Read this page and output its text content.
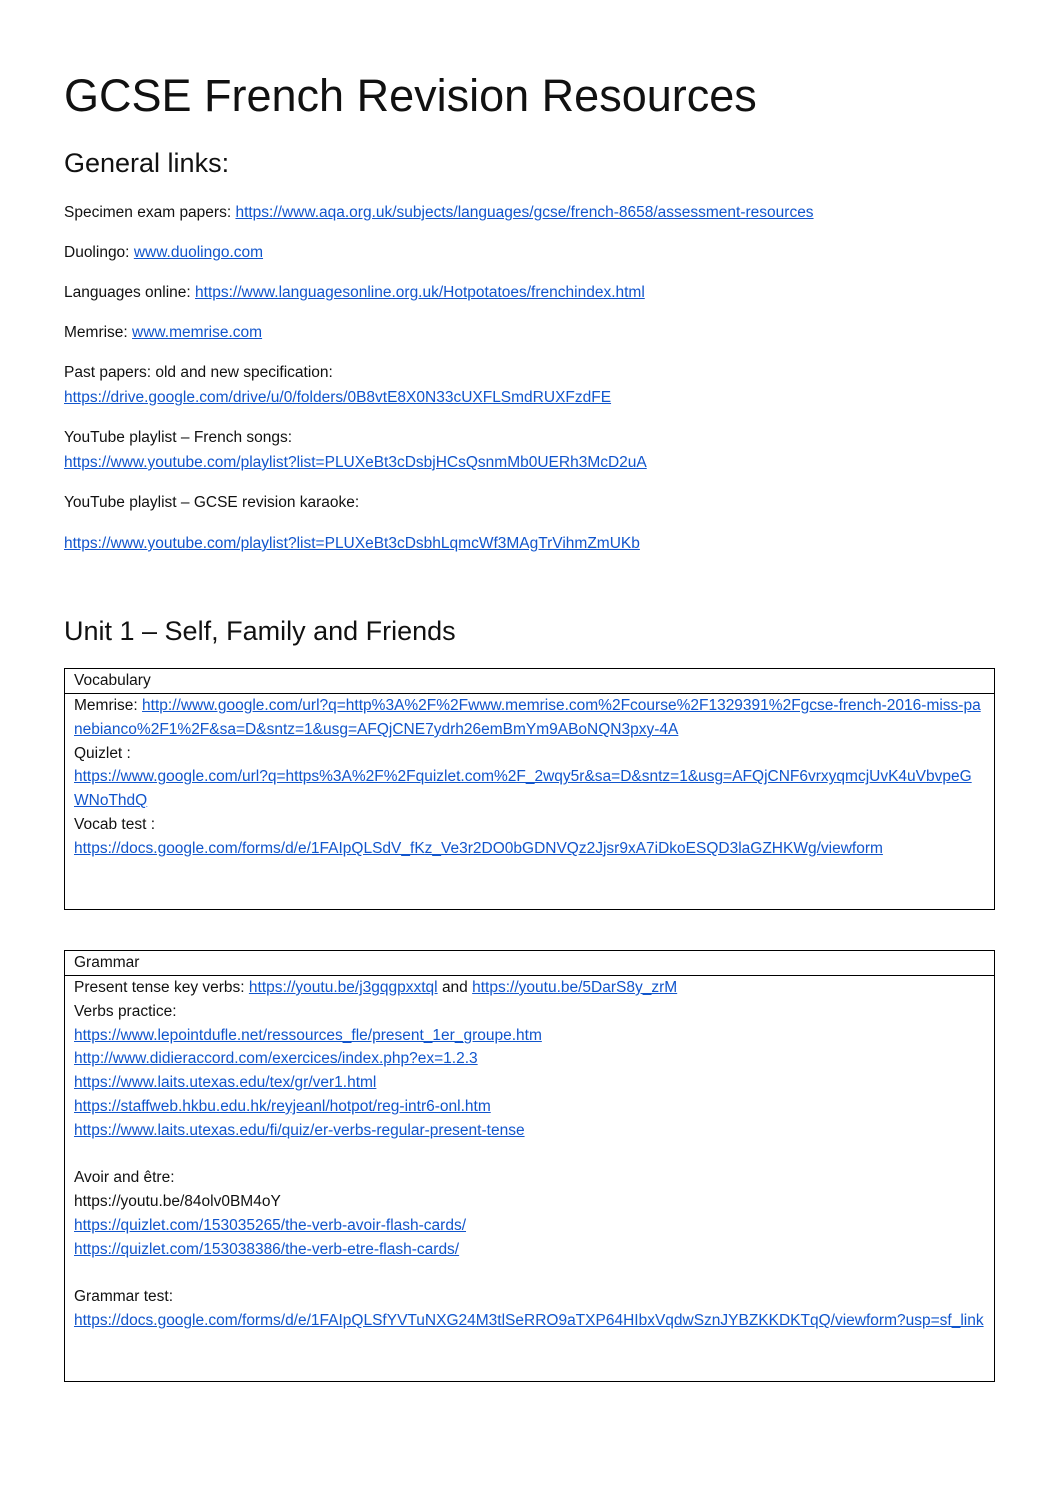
GCSE French Revision Resources
General links:
Specimen exam papers: https://www.aqa.org.uk/subjects/languages/gcse/french-8658/assessment-resources
Duolingo: www.duolingo.com
Languages online: https://www.languagesonline.org.uk/Hotpotatoes/frenchindex.html
Memrise: www.memrise.com
Past papers: old and new specification:
https://drive.google.com/drive/u/0/folders/0B8vtE8X0N33cUXFLSmdRUXFzdFE
YouTube playlist – French songs:
https://www.youtube.com/playlist?list=PLUXeBt3cDsbjHCsQsnmMb0UERh3McD2uA
YouTube playlist – GCSE revision karaoke:
https://www.youtube.com/playlist?list=PLUXeBt3cDsbhLqmcWf3MAgTrVihmZmUKb
Unit 1 – Self, Family and Friends
Vocabulary
Memrise: http://www.google.com/url?q=http%3A%2F%2Fwww.memrise.com%2Fcourse%2F1329391%2Fgcse-french-2016-miss-panebianco%2F1%2F&sa=D&sntz=1&usg=AFQjCNE7ydrh26emBmYm9ABoNQN3pxy-4A
Quizlet :
https://www.google.com/url?q=https%3A%2F%2Fquizlet.com%2F_2wqy5r&sa=D&sntz=1&usg=AFQjCNF6vrxyqmcjUvK4uVbvpeGWNoThdQ
Vocab test :
https://docs.google.com/forms/d/e/1FAIpQLSdV_fKz_Ve3r2DO0bGDNVQz2Jjsr9xA7iDkoESQD3laGZHKWg/viewform
Grammar
Present tense key verbs: https://youtu.be/j3gqgpxxtql and https://youtu.be/5DarS8y_zrM
Verbs practice:
https://www.lepointdufle.net/ressources_fle/present_1er_groupe.htm
http://www.didieraccord.com/exercices/index.php?ex=1.2.3
https://www.laits.utexas.edu/tex/gr/ver1.html
https://staffweb.hkbu.edu.hk/reyjeanl/hotpot/reg-intr6-onl.htm
https://www.laits.utexas.edu/fi/quiz/er-verbs-regular-present-tense
Avoir and être:
https://youtu.be/84olv0BM4oY
https://quizlet.com/153035265/the-verb-avoir-flash-cards/
https://quizlet.com/153038386/the-verb-etre-flash-cards/
Grammar test:
https://docs.google.com/forms/d/e/1FAIpQLSfYVTuNXG24M3tlSeRRO9aTXP64HIbxVqdwSznJYBZKKDKTqQ/viewform?usp=sf_link
